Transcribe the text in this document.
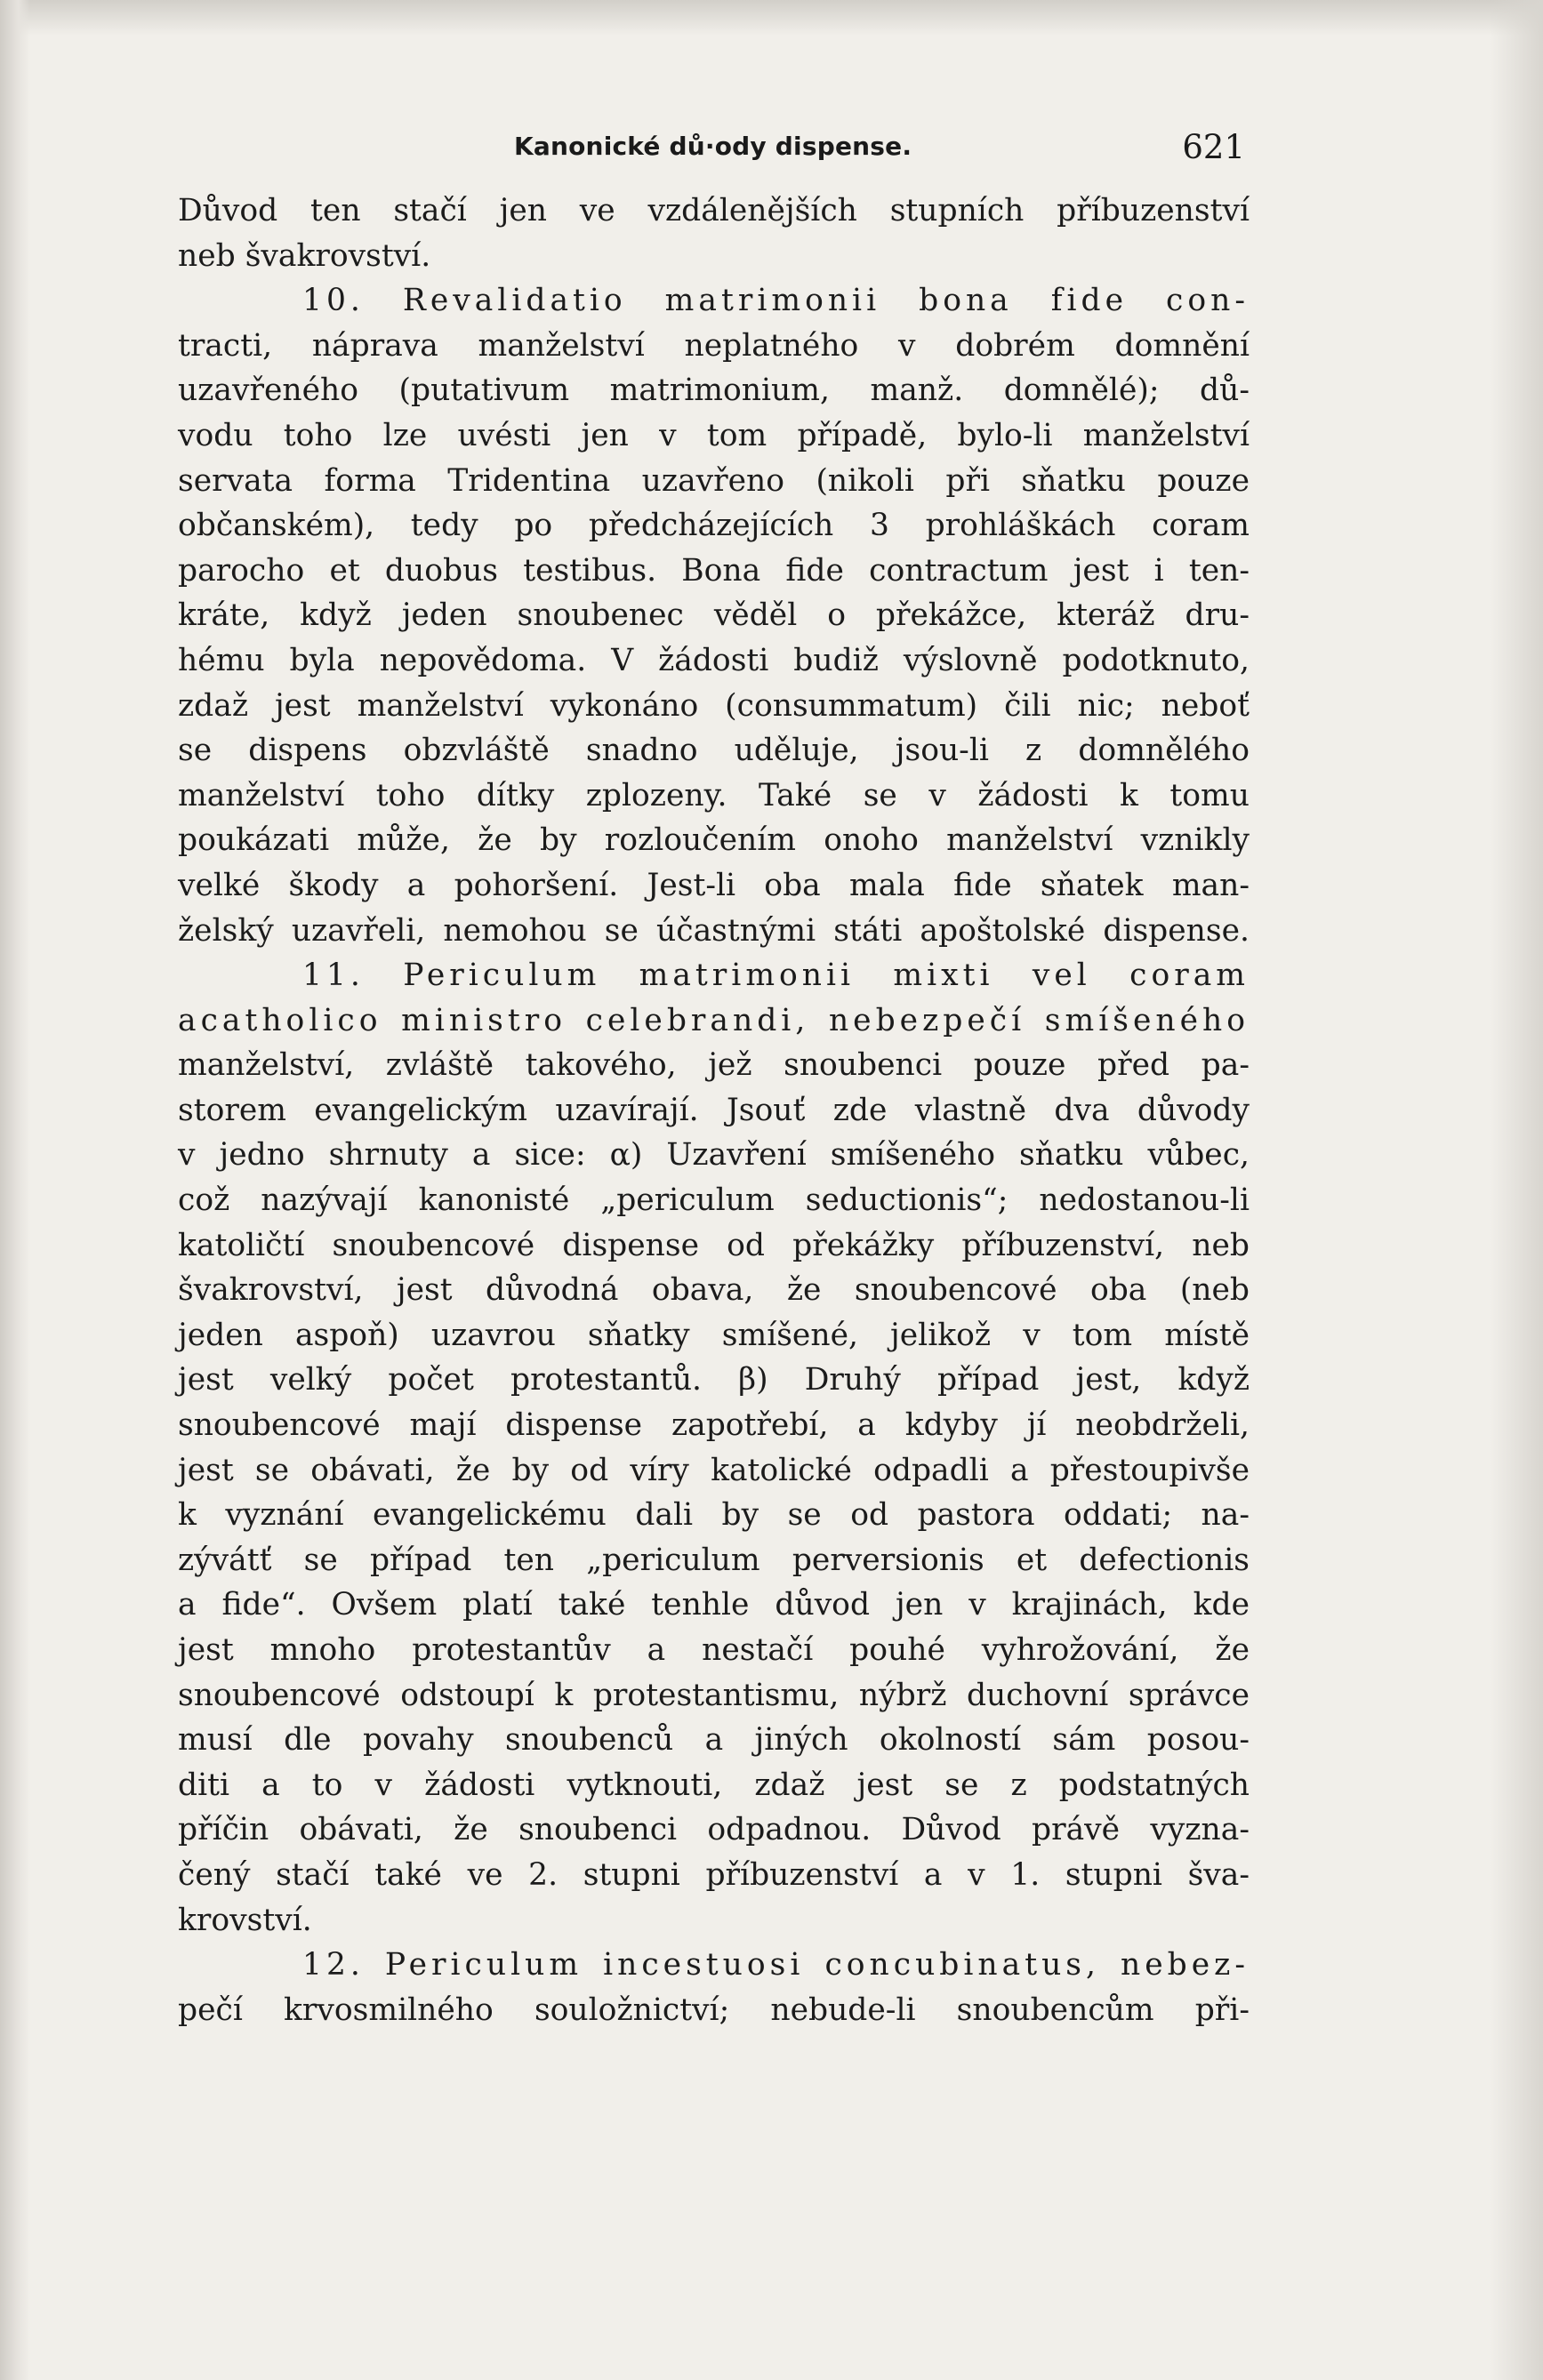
Kanonické dů·ody dispense.	621
Důvod ten stačí jen ve vzdálenějších stupních příbuzenství
neb švakrovství.
10. Revalidatio matrimonii bona fide con-
tracti, náprava manželství neplatného v dobrém domnění
uzavřeného (putativum matrimonium, manž. domnělé); dů-
vodu toho lze uvésti jen v tom případě, bylo-li manželství
servata forma Tridentina uzavřeno (nikoli při sňatku pouze
občanském), tedy po předcházejících 3 prohláškách coram
parocho et duobus testibus. Bona fide contractum jest i ten-
kráte, když jeden snoubenec věděl o překážce, kteráž dru-
hému byla nepovědoma. V žádosti budiž výslovně podotknuto,
zdaž jest manželství vykonáno (consummatum) čili nic; neboť
se dispens obzvláště snadno uděluje, jsou-li z domnělého
manželství toho dítky zplozeny. Také se v žádosti k tomu
poukázati může, že by rozloučením onoho manželství vznikly
velké škody a pohoršení. Jest-li oba mala fide sňatek man-
želský uzavřeli, nemohou se účastnými státi apoštolské dispense.
11. Periculum matrimonii mixti vel coram
acatholico ministro celebrandi, nebezpečí smíšeného
manželství, zvláště takového, jež snoubenci pouze před pa-
storem evangelickým uzavírají. Jsouť zde vlastně dva důvody
v jedno shrnuty a sice: α) Uzavření smíšeného sňatku vůbec,
což nazývají kanonisté „periculum seductionis“; nedostanou-li
katoličtí snoubencové dispense od překážky příbuzenství, neb
švakrovství, jest důvodná obava, že snoubencové oba (neb
jeden aspoň) uzavrou sňatky smíšené, jelikož v tom místě
jest velký počet protestantů. β) Druhý případ jest, když
snoubencové mají dispense zapotřebí, a kdyby jí neobdrželi,
jest se obávati, že by od víry katolické odpadli a přestoupivše
k vyznání evangelickému dali by se od pastora oddati; na-
zývátť se případ ten „periculum perversionis et defectionis
a fide“. Ovšem platí také tenhle důvod jen v krajinách, kde
jest mnoho protestantův a nestačí pouhé vyhrožování, že
snoubencové odstoupí k protestantismu, nýbrž duchovní správce
musí dle povahy snoubenců a jiných okolností sám posou-
diti a to v žádosti vytknouti, zdaž jest se z podstatných
příčin obávati, že snoubenci odpadnou. Důvod právě vyzna-
čený stačí také ve 2. stupni příbuzenství a v 1. stupni šva-
krovství.
12. Periculum incestuosi concubinatus, nebez-
pečí krvosmilného souložnictví; nebude-li snoubencům při-
